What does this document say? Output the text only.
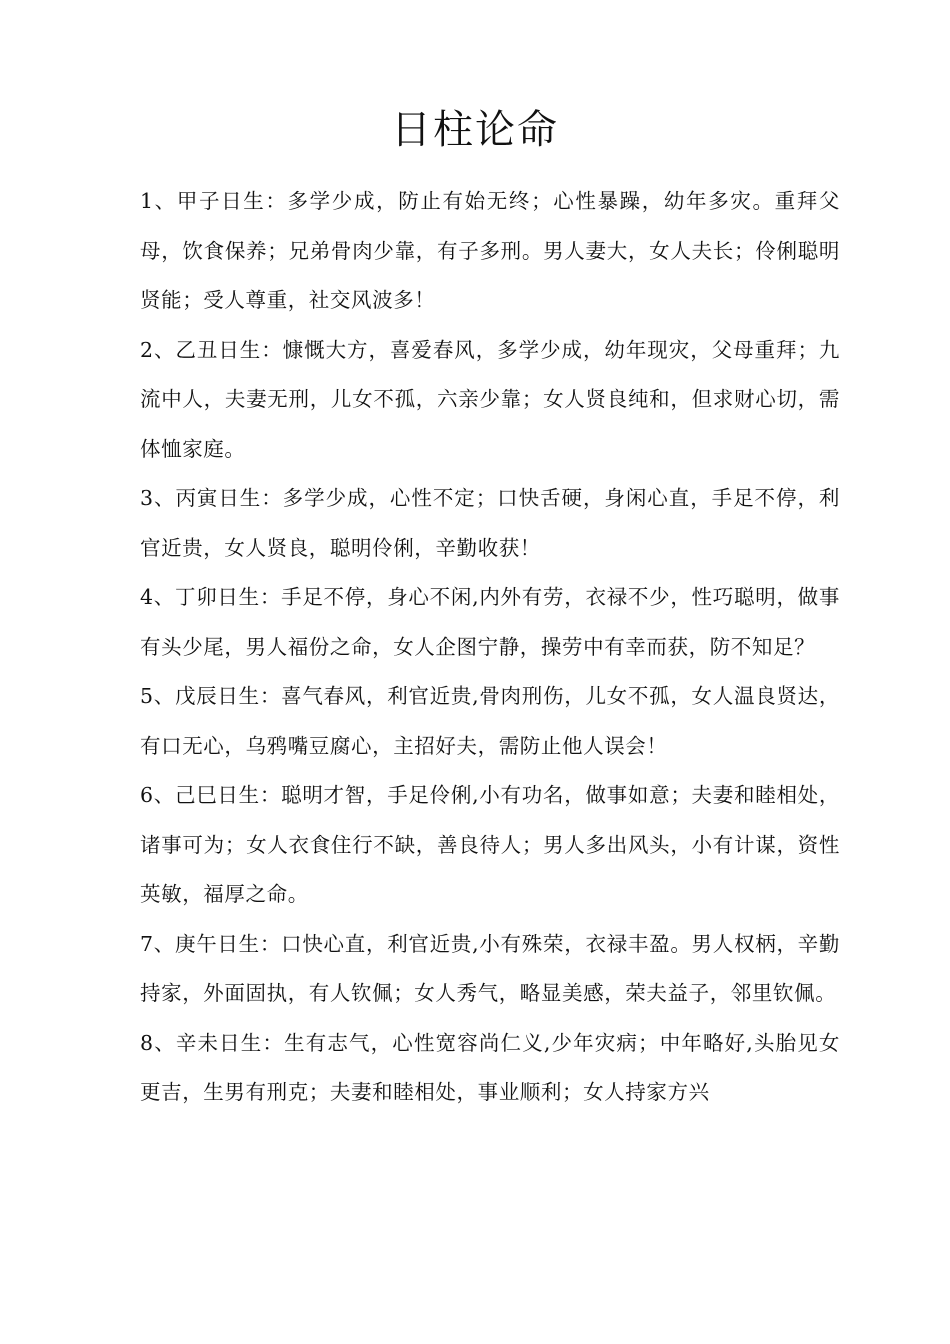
日柱论命

1、甲子日生：多学少成，防止有始无终；心性暴躁，幼年多灾。重拜父母，饮食保养；兄弟骨肉少靠，有子多刑。男人妻大，女人夫长；伶俐聪明贤能；受人尊重，社交风波多！

2、乙丑日生：慷慨大方，喜爱春风，多学少成，幼年现灾，父母重拜；九流中人，夫妻无刑，儿女不孤，六亲少靠；女人贤良纯和，但求财心切，需体恤家庭。

3、丙寅日生：多学少成，心性不定；口快舌硬，身闲心直，手足不停，利官近贵，女人贤良，聪明伶俐，辛勤收获！

4、丁卯日生：手足不停，身心不闲,内外有劳，衣禄不少，性巧聪明，做事有头少尾，男人福份之命，女人企图宁静，操劳中有幸而获，防不知足？

5、戊辰日生：喜气春风，利官近贵,骨肉刑伤，儿女不孤，女人温良贤达，有口无心，乌鸦嘴豆腐心，主招好夫，需防止他人误会！

6、己巳日生：聪明才智，手足伶俐,小有功名，做事如意；夫妻和睦相处，诸事可为；女人衣食住行不缺，善良待人；男人多出风头，小有计谋，资性英敏，福厚之命。

7、庚午日生：口快心直，利官近贵,小有殊荣，衣禄丰盈。男人权柄，辛勤持家，外面固执，有人钦佩；女人秀气，略显美感，荣夫益子，邻里钦佩。

8、辛未日生：生有志气，心性宽容尚仁义,少年灾病；中年略好,头胎见女更吉，生男有刑克；夫妻和睦相处，事业顺利；女人持家方兴
